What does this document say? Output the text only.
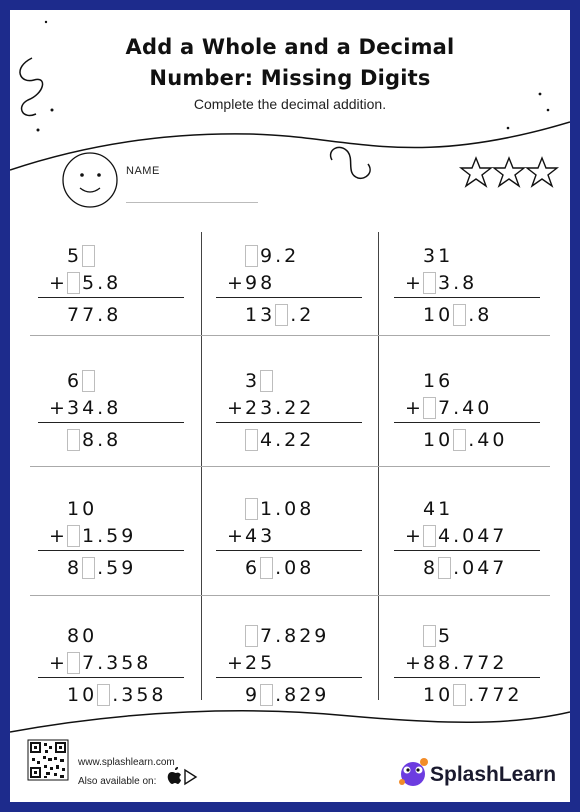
Add a Whole and a Decimal
Number: Missing Digits
Complete the decimal addition.
NAME
5
+ 5.8
77.8
9.2
+ 98
13 .2
31
+ 3.8
10 .8
6
+ 34.8
8.8
3
+ 23.22
4.22
16
+ 7.40
10 .40
10
+ 1.59
8 .59
1.08
+ 43
6 .08
41
+ 4.047
8 .047
80
+ 7.358
10 .358
7.829
+ 25
9 .829
5
+ 88.772
10 .772
www.splashlearn.com
Also available on:	SplashLearn
